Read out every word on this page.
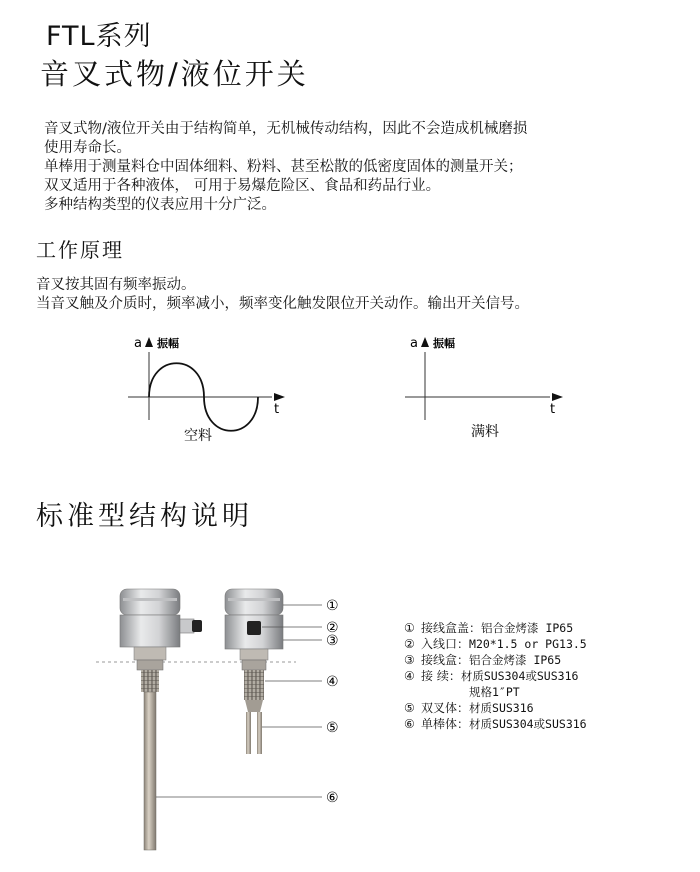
FTL系列
音叉式物/液位开关
音叉式物/液位开关由于结构简单，无机械传动结构，因此不会造成机械磨损
使用寿命长。
单棒用于测量料仓中固体细料、粉料、甚至松散的低密度固体的测量开关；
双叉适用于各种液体， 可用于易爆危险区、食品和药品行业。
多种结构类型的仪表应用十分广泛。
工作原理
音叉按其固有频率振动。
当音叉触及介质时，频率减小，频率变化触发限位开关动作。输出开关信号。
a 振幅
t
空料
a 振幅
t
满料
①
②
③
④
⑤
⑥
标准型结构说明
① 接线盒盖：铝合金烤漆 IP65
② 入线口：M20*1.5 or PG13.5
③ 接线盒：铝合金烤漆 IP65
④ 接 续：材质SUS304或SUS316
规格1″PT
⑤ 双叉体：材质SUS316
⑥ 单棒体：材质SUS304或SUS316
